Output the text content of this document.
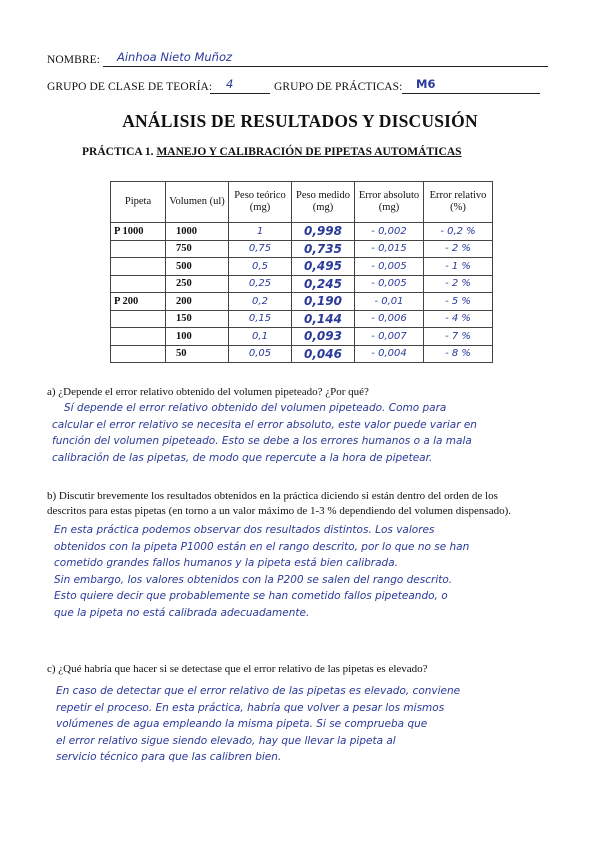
NOMBRE: Ainhoa Nieto Muñoz
GRUPO DE CLASE DE TEORÍA: 4	GRUPO DE PRÁCTICAS: M6
ANÁLISIS DE RESULTADOS Y DISCUSIÓN
PRÁCTICA 1. MANEJO Y CALIBRACIÓN DE PIPETAS AUTOMÁTICAS
Pipeta	Volumen (ul)	Peso teórico (mg)	Peso medido (mg)	Error absoluto (mg)	Error relativo (%)
P 1000	1000	1	0,998	- 0,002	- 0,2 %
	750	0,75	0,735	- 0,015	- 2 %
	500	0,5	0,495	- 0,005	- 1 %
	250	0,25	0,245	- 0,005	- 2 %
P 200	200	0,2	0,190	- 0,01	- 5 %
	150	0,15	0,144	- 0,006	- 4 %
	100	0,1	0,093	- 0,007	- 7 %
	50	0,05	0,046	- 0,004	- 8 %
a) ¿Depende el error relativo obtenido del volumen pipeteado? ¿Por qué?
Sí depende el error relativo obtenido del volumen pipeteado. Como para
calcular el error relativo se necesita el error absoluto, este valor puede variar en
función del volumen pipeteado. Esto se debe a los errores humanos o a la mala
calibración de las pipetas, de modo que repercute a la hora de pipetear.
b) Discutir brevemente los resultados obtenidos en la práctica diciendo si están dentro del orden de los
descritos para estas pipetas (en torno a un valor máximo de 1-3 % dependiendo del volumen dispensado).
En esta práctica podemos observar dos resultados distintos. Los valores
obtenidos con la pipeta P1000 están en el rango descrito, por lo que no se han
cometido grandes fallos humanos y la pipeta está bien calibrada.
Sin embargo, los valores obtenidos con la P200 se salen del rango descrito.
Esto quiere decir que probablemente se han cometido fallos pipeteando, o
que la pipeta no está calibrada adecuadamente.
c) ¿Qué habría que hacer si se detectase que el error relativo de las pipetas es elevado?
En caso de detectar que el error relativo de las pipetas es elevado, conviene
repetir el proceso. En esta práctica, habría que volver a pesar los mismos
volúmenes de agua empleando la misma pipeta. Si se comprueba que
el error relativo sigue siendo elevado, hay que llevar la pipeta al
servicio técnico para que las calibren bien.
